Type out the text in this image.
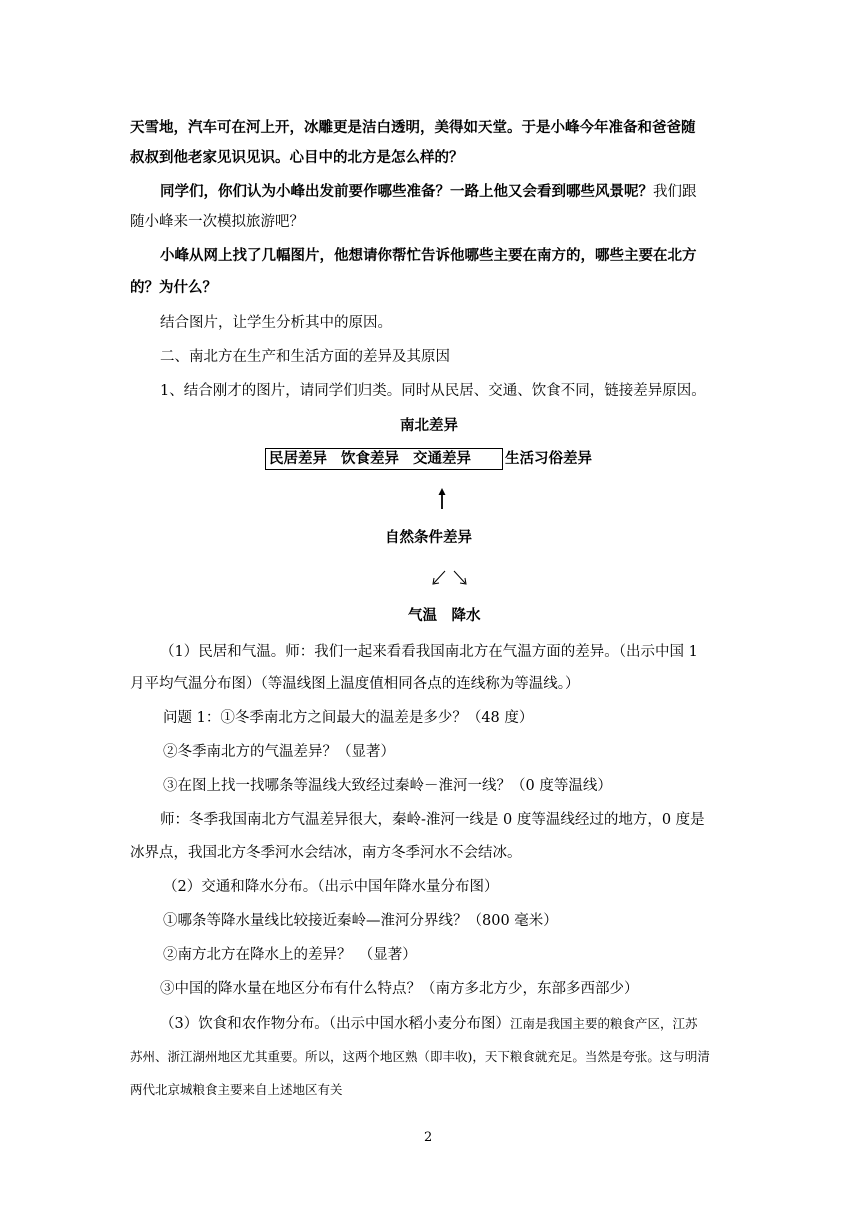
天雪地，汽车可在河上开，冰雕更是洁白透明，美得如天堂。于是小峰今年准备和爸爸随
叔叔到他老家见识见识。心目中的北方是怎么样的？
同学们，你们认为小峰出发前要作哪些准备？一路上他又会看到哪些风景呢？我们跟
随小峰来一次模拟旅游吧？
小峰从网上找了几幅图片，他想请你帮忙告诉他哪些主要在南方的，哪些主要在北方
的？为什么？
结合图片，让学生分析其中的原因。
二、南北方在生产和生活方面的差异及其原因
1、结合刚才的图片，请同学们归类。同时从民居、交通、饮食不同，链接差异原因。
南北差异
民居差异 饮食差异 交通差异	生活习俗差异
自然条件差异
气温　降水
（1）民居和气温。师：我们一起来看看我国南北方在气温方面的差异。（出示中国 1
月平均气温分布图）（等温线图上温度值相同各点的连线称为等温线。）
问题 1：①冬季南北方之间最大的温差是多少？（48 度）
②冬季南北方的气温差异？（显著）
③在图上找一找哪条等温线大致经过秦岭－淮河一线？（0 度等温线）
师：冬季我国南北方气温差异很大，秦岭-淮河一线是 0 度等温线经过的地方，0 度是
冰界点，我国北方冬季河水会结冰，南方冬季河水不会结冰。
（2）交通和降水分布。（出示中国年降水量分布图）
①哪条等降水量线比较接近秦岭—淮河分界线？（800 毫米）
②南方北方在降水上的差异？　（显著）
③中国的降水量在地区分布有什么特点？（南方多北方少，东部多西部少）
（3）饮食和农作物分布。（出示中国水稻小麦分布图）江南是我国主要的粮食产区，江苏
苏州、浙江湖州地区尤其重要。所以，这两个地区熟（即丰收)，天下粮食就充足。当然是夸张。这与明清
两代北京城粮食主要来自上述地区有关
2
